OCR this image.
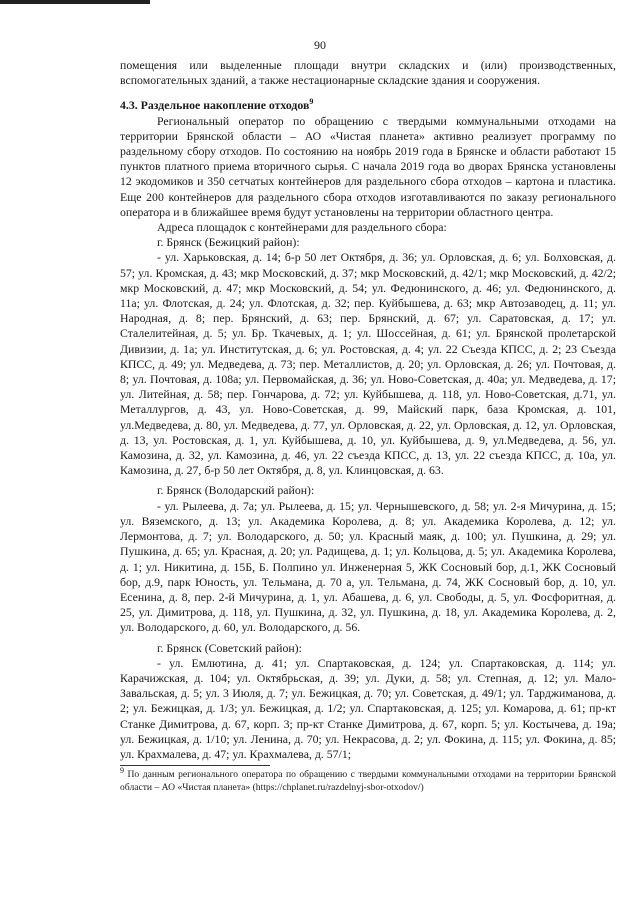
90

помещения или выделенные площади внутри складских и (или) производственных, вспомогательных зданий, а также нестационарные складские здания и сооружения.

4.3. Раздельное накопление отходов$^9$

Региональный оператор по обращению с твердыми коммунальными отходами на территории Брянской области – АО «Чистая планета» активно реализует программу по раздельному сбору отходов. По состоянию на ноябрь 2019 года в Брянске и области работают 15 пунктов платного приема вторичного сырья. С начала 2019 года во дворах Брянска установлены 12 экодомиков и 350 сетчатых контейнеров для раздельного сбора отходов – картона и пластика. Еще 200 контейнеров для раздельного сбора отходов изготавливаются по заказу регионального оператора и в ближайшее время будут установлены на территории областного центра.

Адреса площадок с контейнерами для раздельного сбора:

г. Брянск (Бежицкий район):

- ул. Харьковская, д. 14; б-р 50 лет Октября, д. 36; ул. Орловская, д. 6; ул. Болховская, д. 57; ул. Кромская, д. 43; мкр Московский, д. 37; мкр Московский, д. 42/1; мкр Московский, д. 42/2; мкр Московский, д. 47; мкр Московский, д. 54; ул. Федюнинского, д. 46; ул. Федюнинского, д. 11а; ул. Флотская, д. 24; ул. Флотская, д. 32; пер. Куйбышева, д. 63; мкр Автозаводец, д. 11; ул. Народная, д. 8; пер. Брянский, д. 63; пер. Брянский, д. 67; ул. Саратовская, д. 17; ул. Сталелитейная, д. 5; ул. Бр. Ткачевых, д. 1; ул. Шоссейная, д. 61; ул. Брянской пролетарской Дивизии, д. 1а; ул. Институтская, д. 6; ул. Ростовская, д. 4; ул. 22 Съезда КПСС, д. 2; 23 Съезда КПСС, д. 49; ул. Медведева, д. 73; пер. Металлистов, д. 20; ул. Орловская, д. 26; ул. Почтовая, д. 8; ул. Почтовая, д. 108а; ул. Первомайская, д. 36; ул. Ново-Советская, д. 40а; ул. Медведева, д. 17; ул. Литейная, д. 58; пер. Гончарова, д. 72; ул. Куйбышева, д. 118, ул. Ново-Советская, д.71, ул. Металлургов, д. 43, ул. Ново-Советская, д. 99, Майский парк, база Кромская, д. 101, ул.Медведева, д. 80, ул. Медведева, д. 77, ул. Орловская, д. 22, ул. Орловская, д. 12, ул. Орловская, д. 13, ул. Ростовская, д. 1, ул. Куйбышева, д. 10, ул. Куйбышева, д. 9, ул.Медведева, д. 56, ул. Камозина, д. 32, ул. Камозина, д. 46, ул. 22 съезда КПСС, д. 13, ул. 22 съезда КПСС, д. 10а, ул. Камозина, д. 27, б-р 50 лет Октября, д. 8, ул. Клинцовская, д. 63.

г. Брянск (Володарский район):

- ул. Рылеева, д. 7а; ул. Рылеева, д. 15; ул. Чернышевского, д. 58; ул. 2-я Мичурина, д. 15; ул. Вяземского, д. 13; ул. Академика Королева, д. 8; ул. Академика Королева, д. 12; ул. Лермонтова, д. 7; ул. Володарского, д. 50; ул. Красный маяк, д. 100; ул. Пушкина, д. 29; ул. Пушкина, д. 65; ул. Красная, д. 20; ул. Радищева, д. 1; ул. Кольцова, д. 5; ул. Академика Королева, д. 1; ул. Никитина, д. 15Б, Б. Полпино ул. Инженерная 5, ЖК Сосновый бор, д.1, ЖК Сосновый бор, д.9, парк Юность, ул. Тельмана, д. 70 а, ул. Тельмана, д. 74, ЖК Сосновый бор, д. 10, ул. Есенина, д. 8, пер. 2-й Мичурина, д. 1, ул. Абашева, д. 6, ул. Свободы, д. 5, ул. Фосфоритная, д. 25, ул. Димитрова, д. 118, ул. Пушкина, д. 32, ул. Пушкина, д. 18, ул. Академика Королева, д. 2, ул. Володарского, д. 60, ул. Володарского, д. 56.

г. Брянск (Советский район):

- ул. Емлютина, д. 41; ул. Спартаковская, д. 124; ул. Спартаковская, д. 114; ул. Карачижская, д. 104; ул. Октябрьская, д. 39; ул. Дуки, д. 58; ул. Степная, д. 12; ул. Мало-Завальская, д. 5; ул. 3 Июля, д. 7; ул. Бежицкая, д. 70; ул. Советская, д. 49/1; ул. Тарджиманова, д. 2; ул. Бежицкая, д. 1/3; ул. Бежицкая, д. 1/2; ул. Спартаковская, д. 125; ул. Комарова, д. 61; пр-кт Станке Димитрова, д. 67, корп. 3; пр-кт Станке Димитрова, д. 67, корп. 5; ул. Костычева, д. 19а; ул. Бежицкая, д. 1/10; ул. Ленина, д. 70; ул. Некрасова, д. 2; ул. Фокина, д. 115; ул. Фокина, д. 85; ул. Крахмалева, д. 47; ул. Крахмалева, д. 57/1;

$^9$ По данным регионального оператора по обращению с твердыми коммунальными отходами на территории Брянской области – АО «Чистая планета» (https://chplanet.ru/razdelnyj-sbor-otxodov/)
